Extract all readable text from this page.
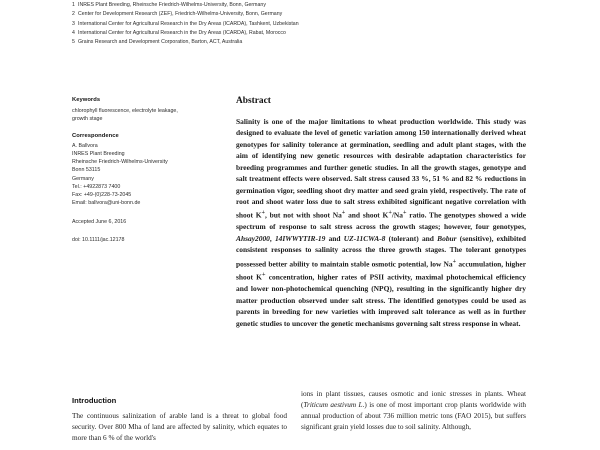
1 INRES Plant Breeding, Rheinsche Friedrich-Wilhelms-University, Bonn, Germany
2 Center for Development Research (ZEF), Friedrich-Wilhelms-University, Bonn, Germany
3 International Center for Agricultural Research in the Dry Areas (ICARDA), Tashkent, Uzbekistan
4 International Center for Agricultural Research in the Dry Areas (ICARDA), Rabat, Morocco
5 Grains Research and Development Corporation, Barton, ACT, Australia
Keywords
chlorophyll fluorescence, electrolyte leakage, growth stage
Correspondence
A. Ballvora
INRES Plant Breeding
Rheinsche Friedrich-Wilhelms-University
Bonn 53115
Germany
Tel.: +4922873 7400
Fax: +49-(0)228-73-2045
Email: ballvora@uni-bonn.de
Accepted June 6, 2016
doi: 10.1111/jac.12178
Abstract
Salinity is one of the major limitations to wheat production worldwide. This study was designed to evaluate the level of genetic variation among 150 internationally derived wheat genotypes for salinity tolerance at germination, seedling and adult plant stages, with the aim of identifying new genetic resources with desirable adaptation characteristics for breeding programmes and further genetic studies. In all the growth stages, genotype and salt treatment effects were observed. Salt stress caused 33 %, 51 % and 82 % reductions in germination vigor, seedling shoot dry matter and seed grain yield, respectively. The rate of root and shoot water loss due to salt stress exhibited significant negative correlation with shoot K+, but not with shoot Na+ and shoot K+/Na+ ratio. The genotypes showed a wide spectrum of response to salt stress across the growth stages; however, four genotypes, Ahsay2000, 14IWWYTIR-19 and UZ-11CWA-8 (tolerant) and Bobur (sensitive), exhibited consistent responses to salinity across the three growth stages. The tolerant genotypes possessed better ability to maintain stable osmotic potential, low Na+ accumulation, higher shoot K+ concentration, higher rates of PSII activity, maximal photochemical efficiency and lower non-photochemical quenching (NPQ), resulting in the significantly higher dry matter production observed under salt stress. The identified genotypes could be used as parents in breeding for new varieties with improved salt tolerance as well as in further genetic studies to uncover the genetic mechanisms governing salt stress response in wheat.
Introduction
The continuous salinization of arable land is a threat to global food security. Over 800 Mha of land are affected by salinity, which equates to more than 6 % of the world's
ions in plant tissues, causes osmotic and ionic stresses in plants. Wheat (Triticum aestivum L.) is one of most important crop plants worldwide with annual production of about 736 million metric tons (FAO 2015), but suffers significant grain yield losses due to soil salinity. Although,
